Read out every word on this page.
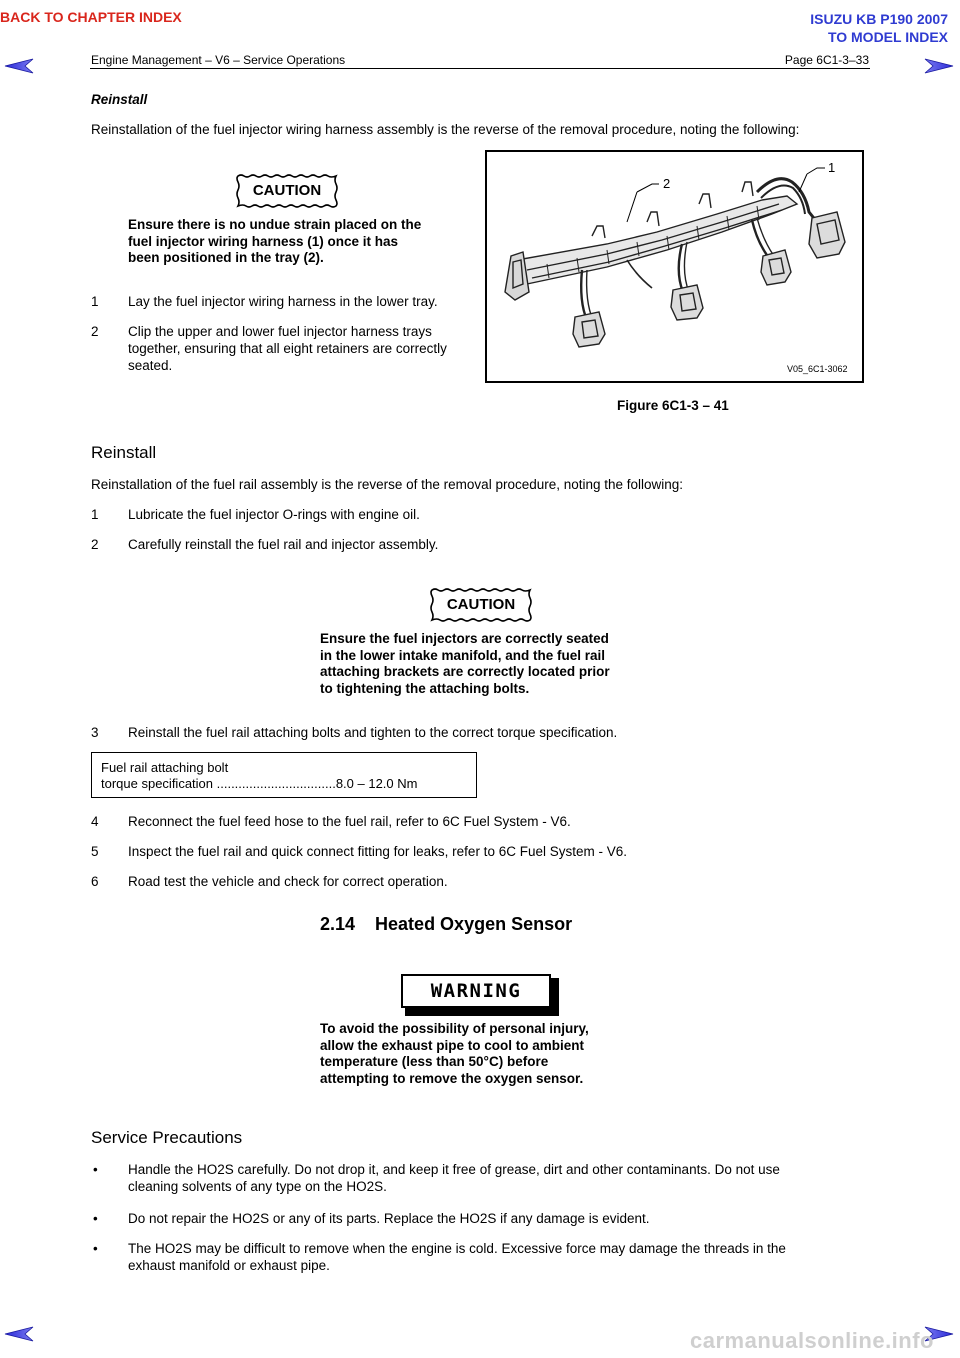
BACK TO CHAPTER INDEX	ISUZU KB P190 2007
TO MODEL INDEX
Engine Management – V6 – Service Operations	Page 6C1-3–33
Reinstall
Reinstallation of the fuel injector wiring harness assembly is the reverse of the removal procedure, noting the following:
CAUTION
Ensure there is no undue strain placed on the
fuel injector wiring harness (1) once it has
been positioned in the tray (2).
1 Lay the fuel injector wiring harness in the lower tray.
2 Clip the upper and lower fuel injector harness trays
together, ensuring that all eight retainers are correctly
seated.
2
1
V05_6C1-3062
Figure 6C1-3 – 41
Reinstall
Reinstallation of the fuel rail assembly is the reverse of the removal procedure, noting the following:
1 Lubricate the fuel injector O-rings with engine oil.
2 Carefully reinstall the fuel rail and injector assembly.
CAUTION
Ensure the fuel injectors are correctly seated
in the lower intake manifold, and the fuel rail
attaching brackets are correctly located prior
to tightening the attaching bolts.
3 Reinstall the fuel rail attaching bolts and tighten to the correct torque specification.
Fuel rail attaching bolt
torque specification .................................8.0 – 12.0 Nm
4 Reconnect the fuel feed hose to the fuel rail, refer to 6C Fuel System - V6.
5 Inspect the fuel rail and quick connect fitting for leaks, refer to 6C Fuel System - V6.
6 Road test the vehicle and check for correct operation.
2.14    Heated Oxygen Sensor
WARNING
To avoid the possibility of personal injury,
allow the exhaust pipe to cool to ambient
temperature (less than 50°C) before
attempting to remove the oxygen sensor.
Service Precautions
• Handle the HO2S carefully. Do not drop it, and keep it free of grease, dirt and other contaminants. Do not use
cleaning solvents of any type on the HO2S.
• Do not repair the HO2S or any of its parts. Replace the HO2S if any damage is evident.
• The HO2S may be difficult to remove when the engine is cold. Excessive force may damage the threads in the
exhaust manifold or exhaust pipe.
carmanualsonline.info
